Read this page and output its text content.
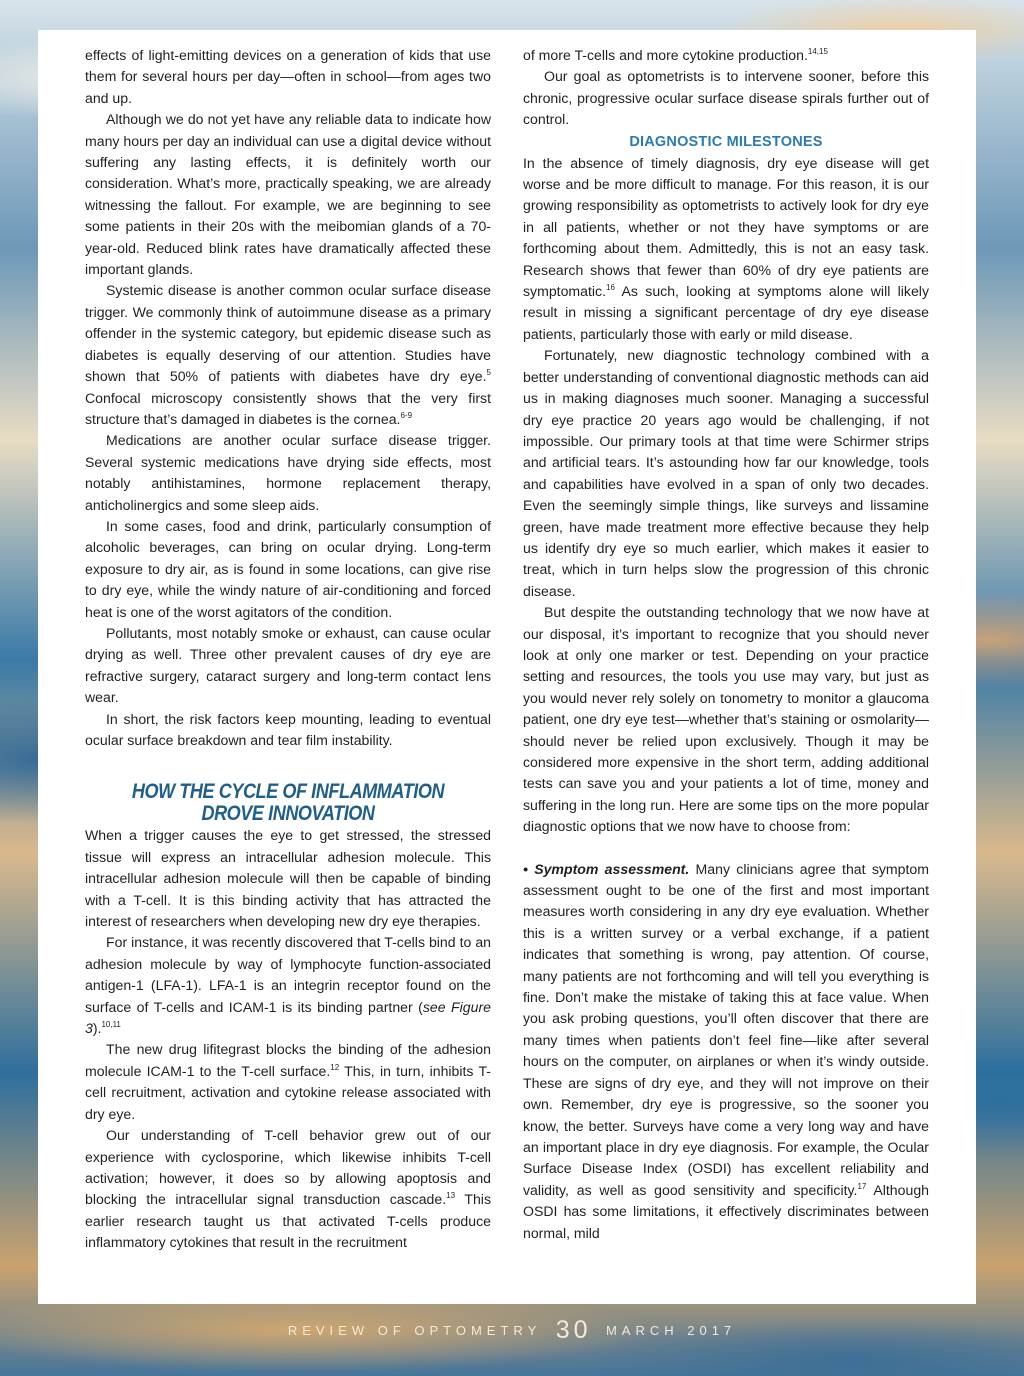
effects of light-emitting devices on a generation of kids that use them for several hours per day—often in school—from ages two and up.

Although we do not yet have any reliable data to indicate how many hours per day an individual can use a digital device without suffering any lasting effects, it is definitely worth our consideration. What’s more, practically speaking, we are already witnessing the fallout. For example, we are beginning to see some patients in their 20s with the meibomian glands of a 70-year-old. Reduced blink rates have dramatically affected these important glands.

Systemic disease is another common ocular surface disease trigger. We commonly think of autoimmune disease as a primary offender in the systemic category, but epidemic disease such as diabetes is equally deserving of our attention. Studies have shown that 50% of patients with diabetes have dry eye.$^5$ Confocal microscopy consistently shows that the very first structure that’s damaged in diabetes is the cornea.$^{6-9}$

Medications are another ocular surface disease trigger. Several systemic medications have drying side effects, most notably antihistamines, hormone replacement therapy, anticholinergics and some sleep aids.

In some cases, food and drink, particularly consumption of alcoholic beverages, can bring on ocular drying. Long-term exposure to dry air, as is found in some locations, can give rise to dry eye, while the windy nature of air-conditioning and forced heat is one of the worst agitators of the condition.

Pollutants, most notably smoke or exhaust, can cause ocular drying as well. Three other prevalent causes of dry eye are refractive surgery, cataract surgery and long-term contact lens wear.

In short, the risk factors keep mounting, leading to eventual ocular surface breakdown and tear film instability.

HOW THE CYCLE OF INFLAMMATION DROVE INNOVATION

When a trigger causes the eye to get stressed, the stressed tissue will express an intracellular adhesion molecule. This intracellular adhesion molecule will then be capable of binding with a T-cell. It is this binding activity that has attracted the interest of researchers when developing new dry eye therapies.

For instance, it was recently discovered that T-cells bind to an adhesion molecule by way of lymphocyte function-associated antigen-1 (LFA-1). LFA-1 is an integrin receptor found on the surface of T-cells and ICAM-1 is its binding partner (see Figure 3).$^{10,11}$

The new drug lifitegrast blocks the binding of the adhesion molecule ICAM-1 to the T-cell surface.$^{12}$ This, in turn, inhibits T-cell recruitment, activation and cytokine release associated with dry eye.

Our understanding of T-cell behavior grew out of our experience with cyclosporine, which likewise inhibits T-cell activation; however, it does so by allowing apoptosis and blocking the intracellular signal transduction cascade.$^{13}$ This earlier research taught us that activated T-cells produce inflammatory cytokines that result in the recruitment

of more T-cells and more cytokine production.$^{14,15}$

Our goal as optometrists is to intervene sooner, before this chronic, progressive ocular surface disease spirals further out of control.

DIAGNOSTIC MILESTONES

In the absence of timely diagnosis, dry eye disease will get worse and be more difficult to manage. For this reason, it is our growing responsibility as optometrists to actively look for dry eye in all patients, whether or not they have symptoms or are forthcoming about them. Admittedly, this is not an easy task. Research shows that fewer than 60% of dry eye patients are symptomatic.$^{16}$ As such, looking at symptoms alone will likely result in missing a significant percentage of dry eye disease patients, particularly those with early or mild disease.

Fortunately, new diagnostic technology combined with a better understanding of conventional diagnostic methods can aid us in making diagnoses much sooner. Managing a successful dry eye practice 20 years ago would be challenging, if not impossible. Our primary tools at that time were Schirmer strips and artificial tears. It’s astounding how far our knowledge, tools and capabilities have evolved in a span of only two decades. Even the seemingly simple things, like surveys and lissamine green, have made treatment more effective because they help us identify dry eye so much earlier, which makes it easier to treat, which in turn helps slow the progression of this chronic disease.

But despite the outstanding technology that we now have at our disposal, it’s important to recognize that you should never look at only one marker or test. Depending on your practice setting and resources, the tools you use may vary, but just as you would never rely solely on tonometry to monitor a glaucoma patient, one dry eye test—whether that’s staining or osmolarity—should never be relied upon exclusively. Though it may be considered more expensive in the short term, adding additional tests can save you and your patients a lot of time, money and suffering in the long run. Here are some tips on the more popular diagnostic options that we now have to choose from:

• Symptom assessment. Many clinicians agree that symptom assessment ought to be one of the first and most important measures worth considering in any dry eye evaluation. Whether this is a written survey or a verbal exchange, if a patient indicates that something is wrong, pay attention. Of course, many patients are not forthcoming and will tell you everything is fine. Don’t make the mistake of taking this at face value. When you ask probing questions, you’ll often discover that there are many times when patients don’t feel fine—like after several hours on the computer, on airplanes or when it’s windy outside. These are signs of dry eye, and they will not improve on their own. Remember, dry eye is progressive, so the sooner you know, the better. Surveys have come a very long way and have an important place in dry eye diagnosis. For example, the Ocular Surface Disease Index (OSDI) has excellent reliability and validity, as well as good sensitivity and specificity.$^{17}$ Although OSDI has some limitations, it effectively discriminates between normal, mild

REVIEW OF OPTOMETRY 30 MARCH 2017
